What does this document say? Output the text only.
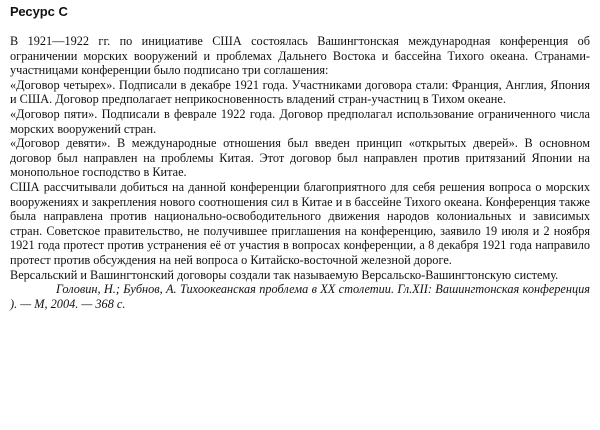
Ресурс C

В 1921—1922 гг. по инициативе США состоялась Вашингтонская международная конференция об ограничении морских вооружений и проблемах Дальнего Востока и бассейна Тихого океана. Странами-участницами конференции было подписано три соглашения:

«Договор четырех». Подписали в декабре 1921 года. Участниками договора стали: Франция, Англия, Япония и США. Договор предполагает неприкосновенность владений стран-участниц в Тихом океане.

«Договор пяти». Подписали в феврале 1922 года. Договор предполагал использование ограниченного числа морских вооружений стран.

«Договор девяти». В международные отношения был введен принцип «открытых дверей». В основном договор был направлен на проблемы Китая. Этот договор был направлен против притязаний Японии на монопольное господство в Китае.

США рассчитывали добиться на данной конференции благоприятного для себя решения вопроса о морских вооружениях и закрепления нового соотношения сил в Китае и в бассейне Тихого океана. Конференция также была направлена против национально-освободительного движения народов колониальных и зависимых стран. Советское правительство, не получившее приглашения на конференцию, заявило 19 июля и 2 ноября 1921 года протест против устранения её от участия в вопросах конференции, а 8 декабря 1921 года направило протест против обсуждения на ней вопроса о Китайско-восточной железной дороге.

Версальский и Вашингтонский договоры создали так называемую Версальско-Вашингтонскую систему.

Головин, Н.; Бубнов, А. Тихоокеанская проблема в XX столетии. Гл.XII: Вашингтонская конференция ). — М, 2004. — 368 с.
